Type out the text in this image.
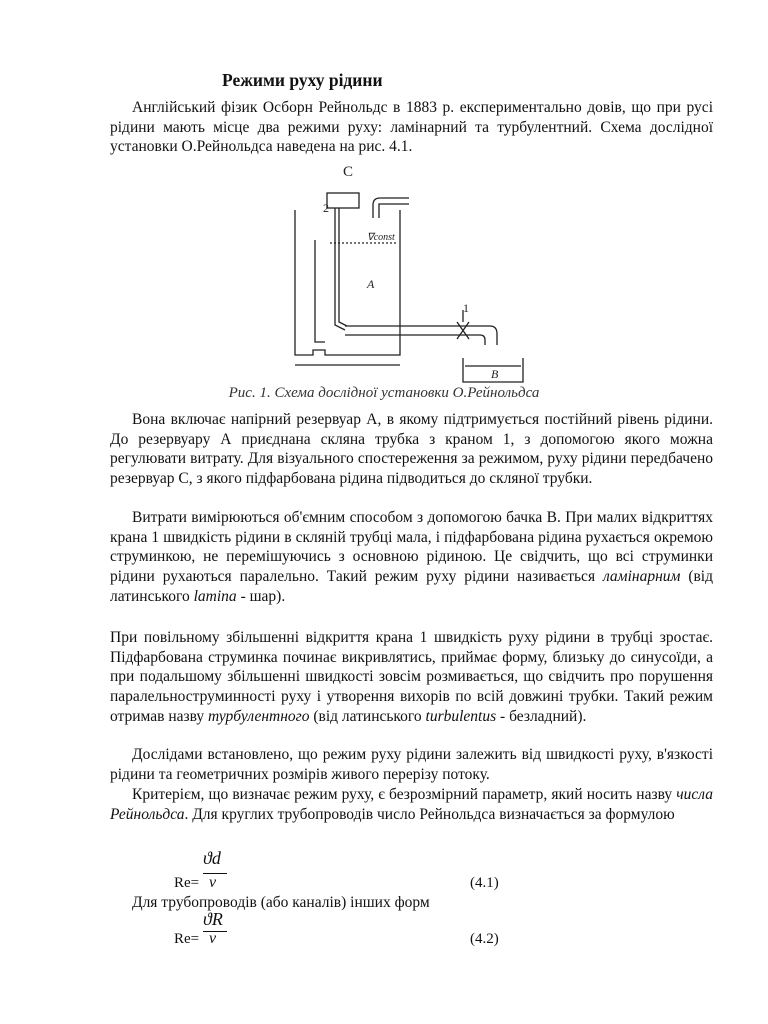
Режими руху рідини

Англійський фізик Осборн Рейнольдс в 1883 р. експериментально довів, що при русі рідини мають місце два режими руху: ламінарний та турбулентний. Схема дослідної установки О.Рейнольдса наведена на рис. 4.1.

C
2
∇const
A
1
B
Рис. 1. Схема дослідної установки О.Рейнольдса

Вона включає напірний резервуар А, в якому підтримується постійний рівень рідини. До резервуару А приєднана скляна трубка з краном 1, з допомогою якого можна регулювати витрату. Для візуального спостереження за режимом, руху рідини передбачено резервуар С, з якого підфарбована рідина підводиться до скляної трубки.

Витрати вимірюються об'ємним способом з допомогою бачка В. При малих відкриттях крана 1 швидкість рідини в скляній трубці мала, і підфарбована рідина рухається окремою струминкою, не перемішуючись з основною рідиною. Це свідчить, що всі струминки рідини рухаються паралельно. Такий режим руху рідини називається ламінарним (від латинського lamina - шар).

При повільному збільшенні відкриття крана 1 швидкість руху рідини в трубці зростає. Підфарбована струминка починає викривлятись, приймає форму, близьку до синусоїди, а при подальшому збільшенні швидкості зовсім розмивається, що свідчить про порушення паралельноструминності руху і утворення вихорів по всій довжині трубки. Такий режим отримав назву турбулентного (від латинського turbulentus - безладний).

Дослідами встановлено, що режим руху рідини залежить від швидкості руху, в'язкості рідини та геометричних розмірів живого перерізу потоку.

Критерієм, що визначає режим руху, є безрозмірний параметр, який носить назву числа Рейнольдса. Для круглих трубопроводів число Рейнольдса визначається за формулою

ϑd
Re= ν	(4.1)

Для трубопроводів (або каналів) інших форм

ϑR
Re= ν	(4.2)
